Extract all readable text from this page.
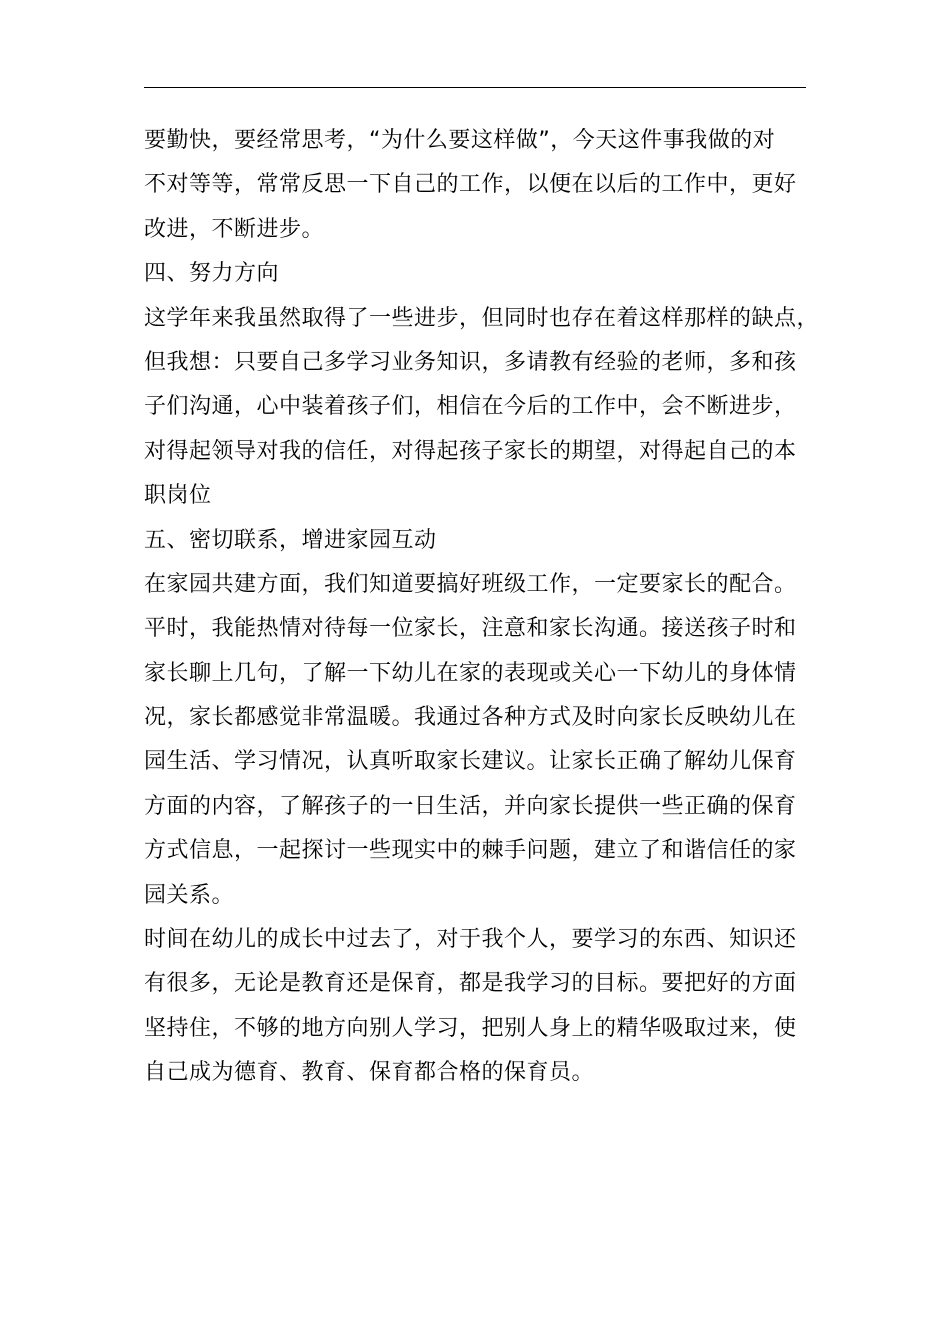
要勤快，要经常思考，“为什么要这样做”，今天这件事我做的对
不对等等，常常反思一下自己的工作，以便在以后的工作中，更好
改进，不断进步。

四、努力方向

这学年来我虽然取得了一些进步，但同时也存在着这样那样的缺点，
但我想：只要自己多学习业务知识，多请教有经验的老师，多和孩
子们沟通，心中装着孩子们，相信在今后的工作中，会不断进步，
对得起领导对我的信任，对得起孩子家长的期望，对得起自己的本
职岗位

五、密切联系，增进家园互动

在家园共建方面，我们知道要搞好班级工作，一定要家长的配合。
平时，我能热情对待每一位家长，注意和家长沟通。接送孩子时和
家长聊上几句，了解一下幼儿在家的表现或关心一下幼儿的身体情
况，家长都感觉非常温暖。我通过各种方式及时向家长反映幼儿在
园生活、学习情况，认真听取家长建议。让家长正确了解幼儿保育
方面的内容，了解孩子的一日生活，并向家长提供一些正确的保育
方式信息，一起探讨一些现实中的棘手问题，建立了和谐信任的家
园关系。

时间在幼儿的成长中过去了，对于我个人，要学习的东西、知识还
有很多，无论是教育还是保育，都是我学习的目标。要把好的方面
坚持住，不够的地方向别人学习，把别人身上的精华吸取过来，使
自己成为德育、教育、保育都合格的保育员。
